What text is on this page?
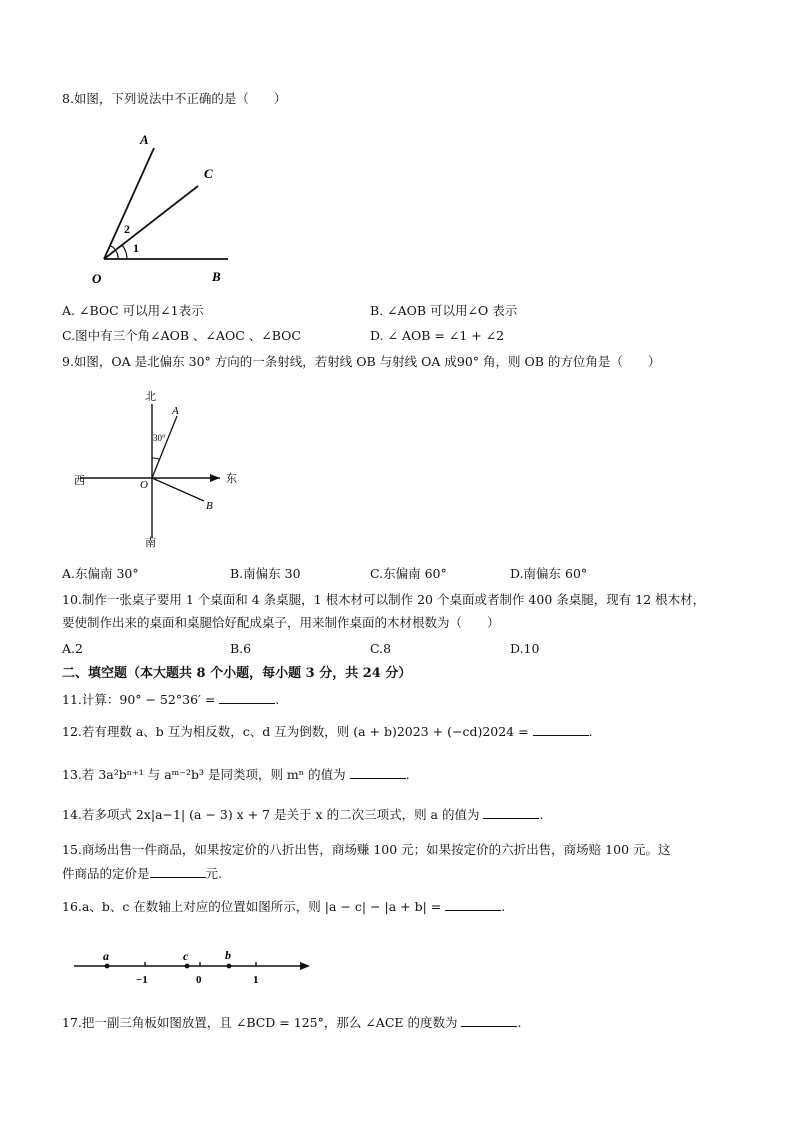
8.如图，下列说法中不正确的是（　　）
A
C
O	B
2
1
A. ∠BOC 可以用∠1表示	B. ∠AOB 可以用∠O 表示
C.图中有三个角∠AOB 、∠AOC 、∠BOC	D. ∠ AOB = ∠1 + ∠2
9.如图，OA 是北偏东 30° 方向的一条射线，若射线 OB 与射线 OA 成90° 角，则 OB 的方位角是（　　）
北
南
东
西
A
B
O
30°
A.东偏南 30°	B.南偏东 30	C.东偏南 60°	D.南偏东 60°
10.制作一张桌子要用 1 个桌面和 4 条桌腿，1 根木材可以制作 20 个桌面或者制作 400 条桌腿，现有 12 根木材，
要使制作出来的桌面和桌腿恰好配成桌子，用来制作桌面的木材根数为（　　）
A.2	B.6	C.8	D.10
二、填空题（本大题共 8 个小题，每小题 3 分，共 24 分）
11.计算：90° − 52°36′ =	.
12.若有理数 a、b 互为相反数，c、d 互为倒数，则 (a + b)2023 + (−cd)2024 =	.
13.若 3a²bⁿ⁺¹ 与 aᵐ⁻²b³ 是同类项，则 mⁿ 的值为	.
14.若多项式 2x|a−1| (a − 3) x + 7 是关于 x 的二次三项式，则 a 的值为	.
15.商场出售一件商品，如果按定价的八折出售，商场赚 100 元；如果按定价的六折出售，商场赔 100 元。这
件商品的定价是	元.
16.a、b、c 在数轴上对应的位置如图所示，则 |a − c| − |a + b| =	.
a	c	b
−1	0	1
17.把一副三角板如图放置，且 ∠BCD = 125°，那么 ∠ACE 的度数为	.
